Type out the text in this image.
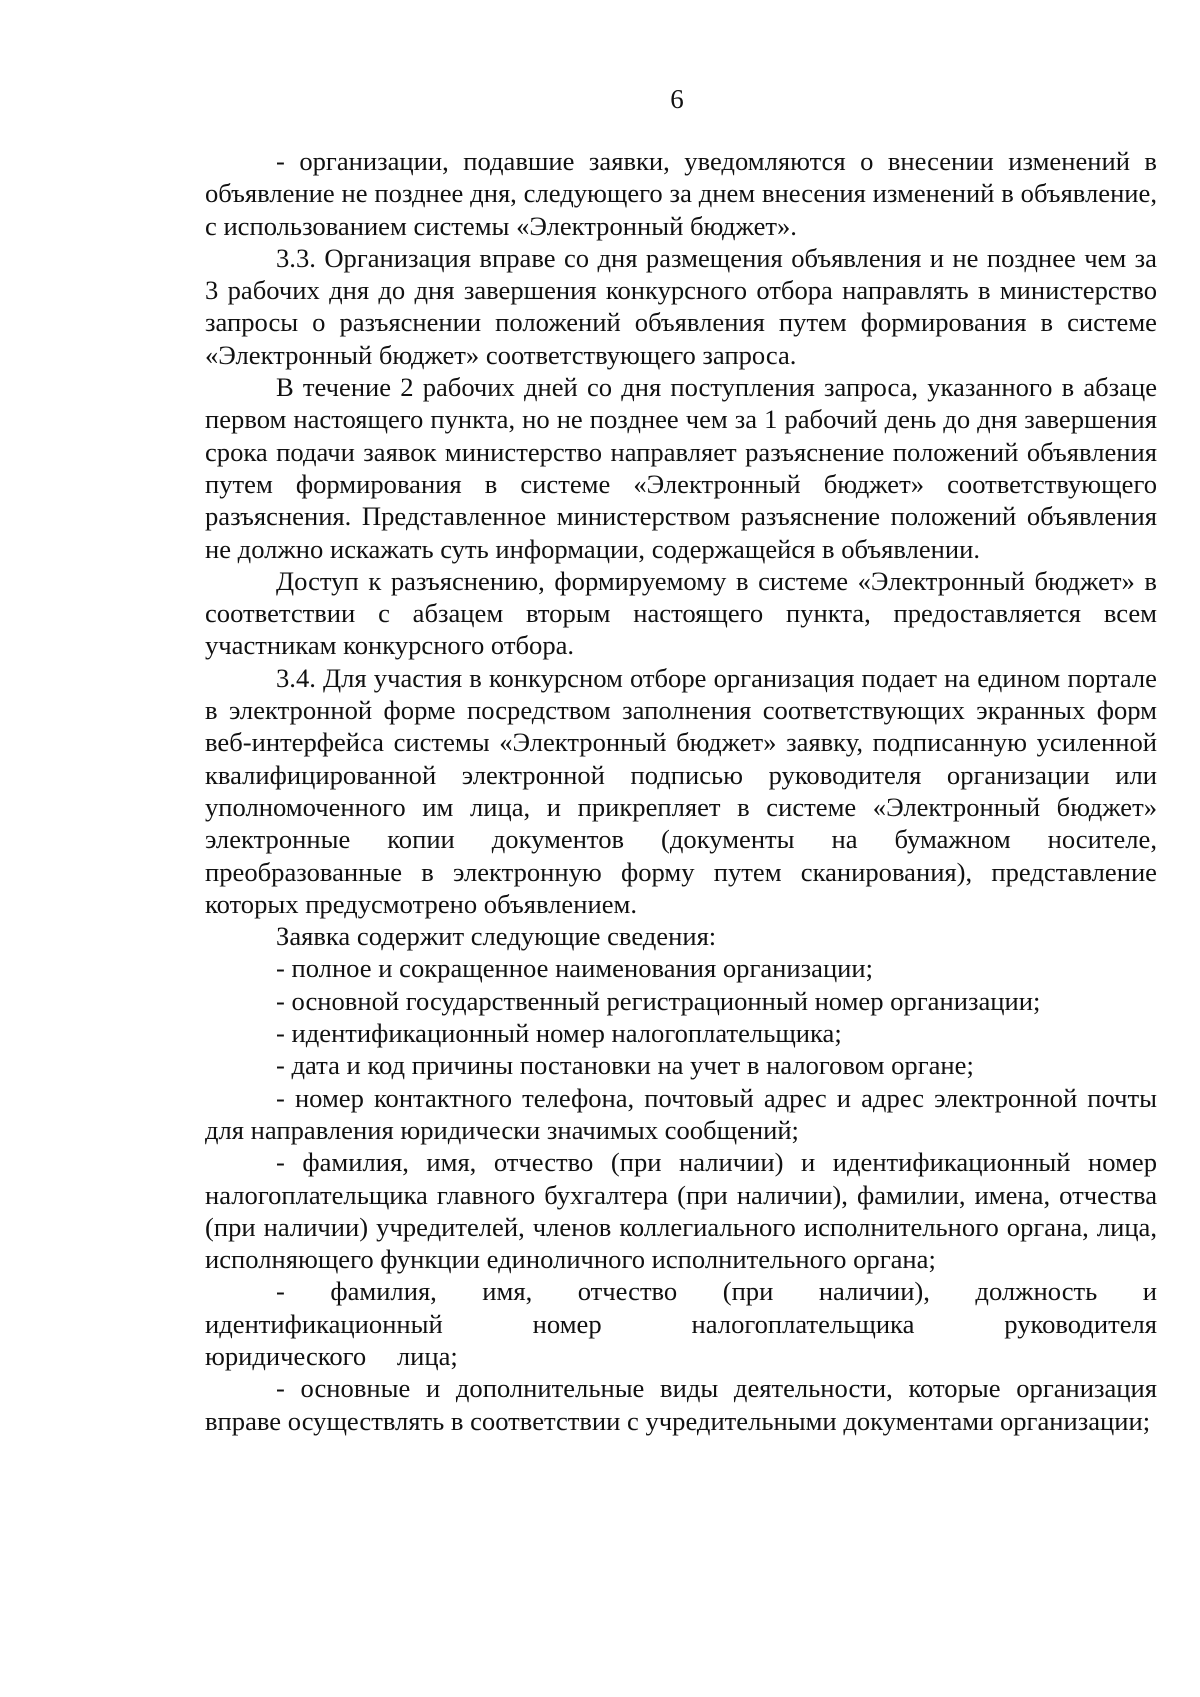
6

- организации, подавшие заявки, уведомляются о внесении изменений в объявление не позднее дня, следующего за днем внесения изменений в объявление, с использованием системы «Электронный бюджет».

3.3. Организация вправе со дня размещения объявления и не позднее чем за 3 рабочих дня до дня завершения конкурсного отбора направлять в министерство запросы о разъяснении положений объявления путем формирования в системе «Электронный бюджет» соответствующего запроса.

В течение 2 рабочих дней со дня поступления запроса, указанного в абзаце первом настоящего пункта, но не позднее чем за 1 рабочий день до дня завершения срока подачи заявок министерство направляет разъяснение положений объявления путем формирования в системе «Электронный бюджет» соответствующего разъяснения. Представленное министерством разъяснение положений объявления не должно искажать суть информации, содержащейся в объявлении.

Доступ к разъяснению, формируемому в системе «Электронный бюджет» в соответствии с абзацем вторым настоящего пункта, предоставляется всем участникам конкурсного отбора.

3.4. Для участия в конкурсном отборе организация подает на едином портале в электронной форме посредством заполнения соответствующих экранных форм веб-интерфейса системы «Электронный бюджет» заявку, подписанную усиленной квалифицированной электронной подписью руководителя организации или уполномоченного им лица, и прикрепляет в системе «Электронный бюджет» электронные копии документов (документы на бумажном носителе, преобразованные в электронную форму путем сканирования), представление которых предусмотрено объявлением.

Заявка содержит следующие сведения:

- полное и сокращенное наименования организации;

- основной государственный регистрационный номер организации;

- идентификационный номер налогоплательщика;

- дата и код причины постановки на учет в налоговом органе;

- номер контактного телефона, почтовый адрес и адрес электронной почты для направления юридически значимых сообщений;

- фамилия, имя, отчество (при наличии) и идентификационный номер налогоплательщика главного бухгалтера (при наличии), фамилии, имена, отчества (при наличии) учредителей, членов коллегиального исполнительного органа, лица, исполняющего функции единоличного исполнительного органа;

- фамилия, имя, отчество (при наличии), должность и идентификационный номер налогоплательщика руководителя юридического лица;

- основные и дополнительные виды деятельности, которые организация вправе осуществлять в соответствии с учредительными документами организации;
